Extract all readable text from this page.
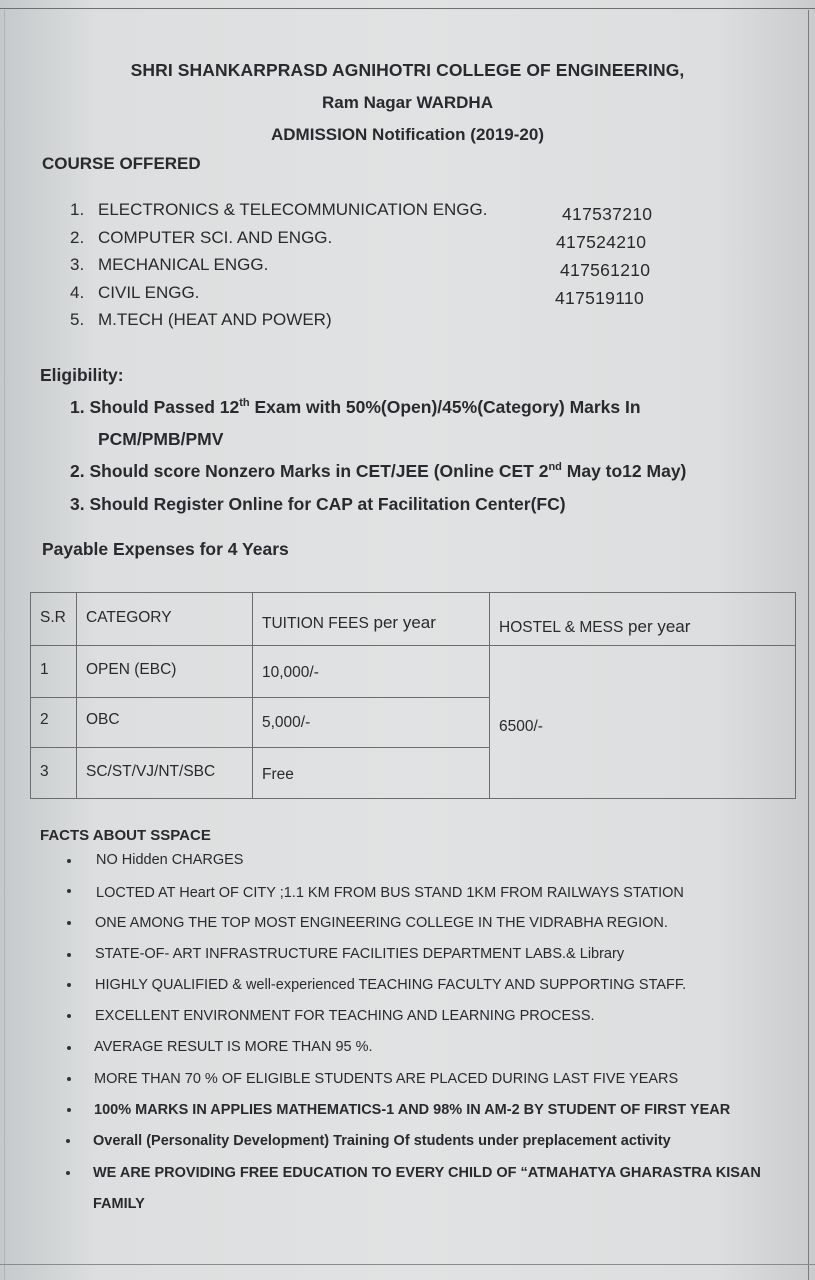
SHRI SHANKARPRASD AGNIHOTRI COLLEGE OF ENGINEERING,
Ram Nagar WARDHA
ADMISSION Notification (2019-20)
COURSE OFFERED
1. ELECTRONICS & TELECOMMUNICATION ENGG.
2. COMPUTER SCI. AND ENGG.
3. MECHANICAL ENGG.
4. CIVIL ENGG.
5. M.TECH (HEAT AND POWER)
417537210
417524210
417561210
417519110
Eligibility:
1. Should Passed 12th Exam with 50%(Open)/45%(Category) Marks In
PCM/PMB/PMV
2. Should score Nonzero Marks in CET/JEE (Online CET 2nd May to12 May)
3. Should Register Online for CAP at Facilitation Center(FC)
Payable Expenses for 4 Years
S.R CATEGORY	TUITION FEES per year	HOSTEL & MESS per year
1 OPEN (EBC)	10,000/-
2 OBC	5,000/-
3 SC/ST/VJ/NT/SBC	Free
6500/-
FACTS ABOUT SSPACE
NO Hidden CHARGES
LOCTED AT Heart OF CITY ;1.1 KM FROM BUS STAND 1KM FROM RAILWAYS STATION
ONE AMONG THE TOP MOST ENGINEERING COLLEGE IN THE VIDRABHA REGION.
STATE-OF- ART INFRASTRUCTURE FACILITIES DEPARTMENT LABS.& Library
HIGHLY QUALIFIED & well-experienced TEACHING FACULTY AND SUPPORTING STAFF.
EXCELLENT ENVIRONMENT FOR TEACHING AND LEARNING PROCESS.
AVERAGE RESULT IS MORE THAN 95 %.
MORE THAN 70 % OF ELIGIBLE STUDENTS ARE PLACED DURING LAST FIVE YEARS
100% MARKS IN APPLIES MATHEMATICS-1 AND 98% IN AM-2 BY STUDENT OF FIRST YEAR
Overall (Personality Development) Training Of students under preplacement activity
WE ARE PROVIDING FREE EDUCATION TO EVERY CHILD OF “ATMAHATYA GHARASTRA KISAN
FAMILY
